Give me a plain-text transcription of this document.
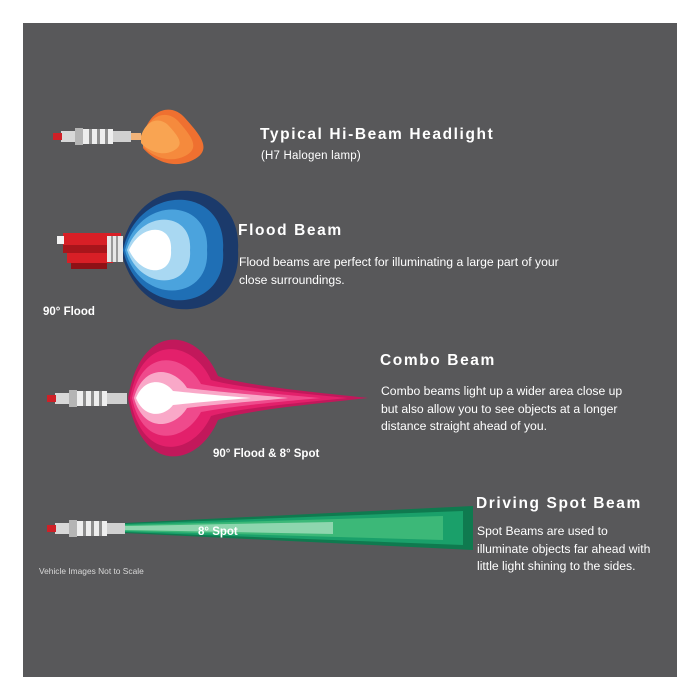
Typical Hi-Beam Headlight
(H7 Halogen lamp)
90° Flood
Flood Beam
Flood beams are perfect for illuminating a large part of your close surroundings.
90° Flood & 8° Spot
Combo Beam
Combo beams light up a wider area close up but also allow you to see objects at a longer distance straight ahead of you.
8° Spot
Driving Spot Beam
Spot Beams are used to illuminate objects far ahead with little light shining to the sides.
Vehicle Images Not to Scale
